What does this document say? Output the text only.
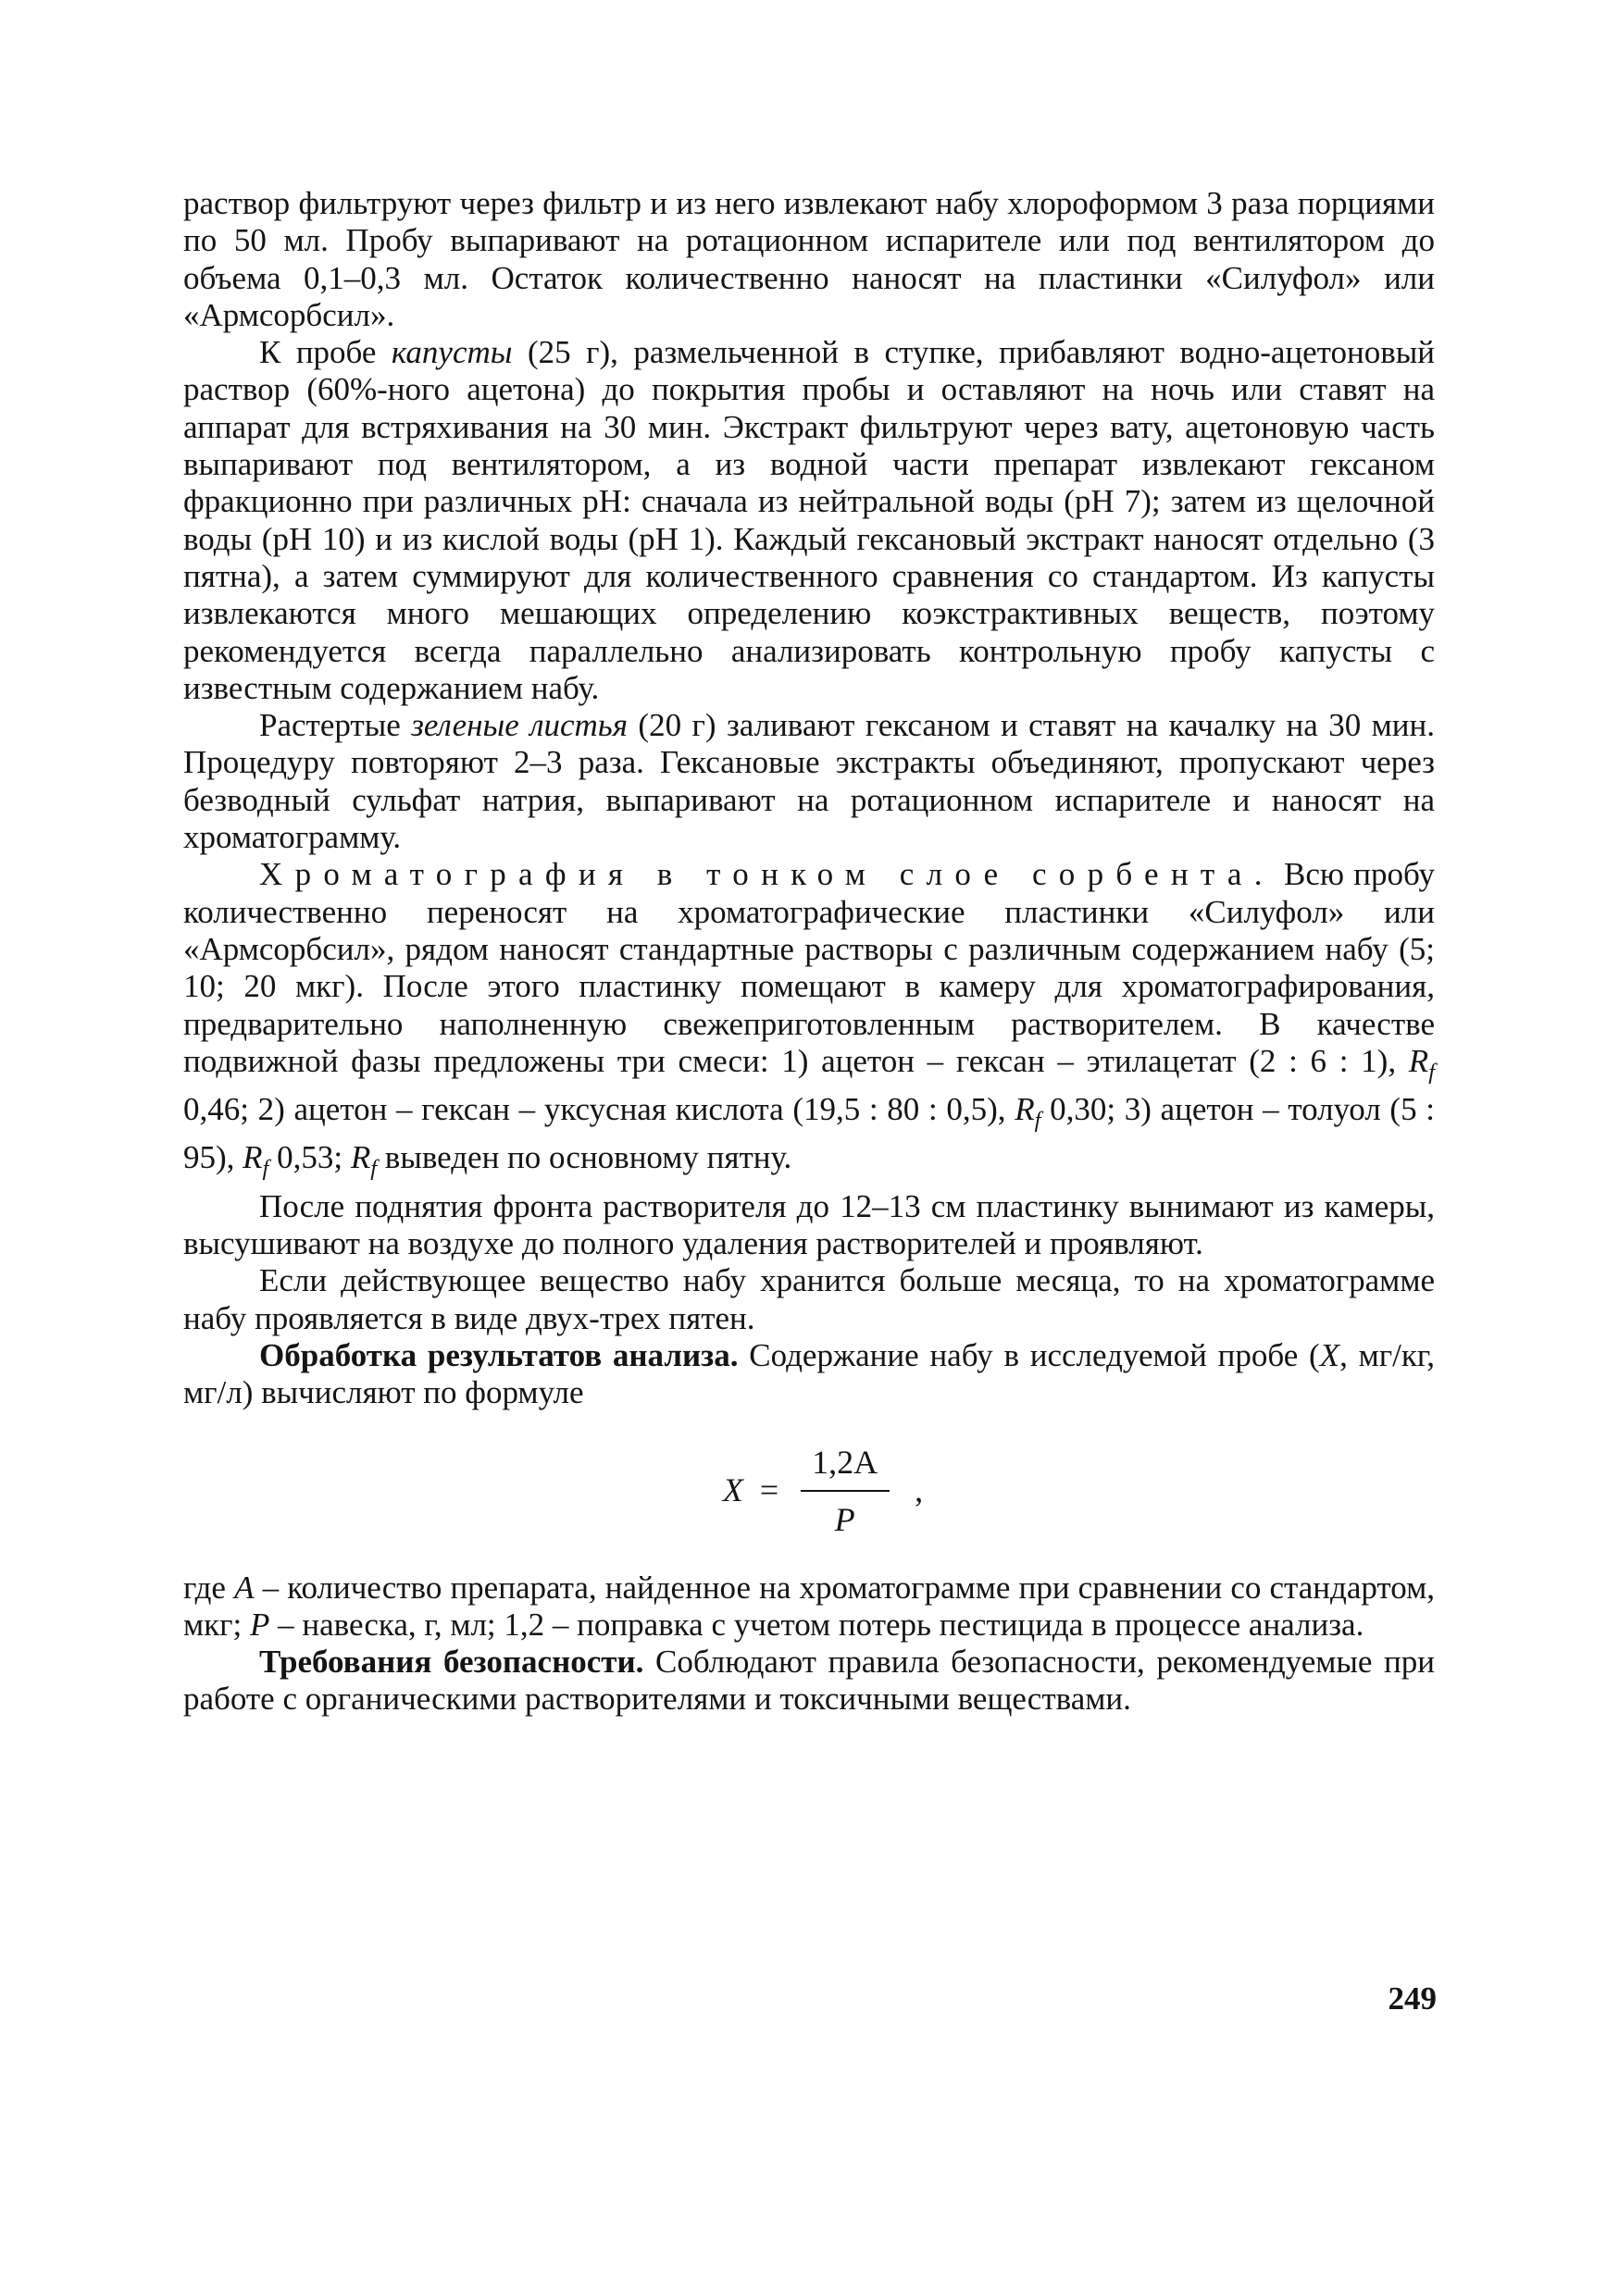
раствор фильтруют через фильтр и из него извлекают набу хлороформом 3 раза порциями по 50 мл. Пробу выпаривают на ротационном испарителе или под вентилятором до объема 0,1–0,3 мл. Остаток количественно наносят на пластинки «Силуфол» или «Армсорбсил».

К пробе капусты (25 г), размельченной в ступке, прибавляют водно-ацетоновый раствор (60%-ного ацетона) до покрытия пробы и оставляют на ночь или ставят на аппарат для встряхивания на 30 мин. Экстракт фильтруют через вату, ацетоновую часть выпаривают под вентилятором, а из водной части препарат извлекают гексаном фракционно при различных pH: сначала из нейтральной воды (pH 7); затем из щелочной воды (pH 10) и из кислой воды (pH 1). Каждый гексановый экстракт наносят отдельно (3 пятна), а затем суммируют для количественного сравнения со стандартом. Из капусты извлекаются много мешающих определению коэкстрактивных веществ, поэтому рекомендуется всегда параллельно анализировать контрольную пробу капусты с известным содержанием набу.

Растертые зеленые листья (20 г) заливают гексаном и ставят на качалку на 30 мин. Процедуру повторяют 2–3 раза. Гексановые экстракты объединяют, пропускают через безводный сульфат натрия, выпаривают на ротационном испарителе и наносят на хроматограмму.

Хроматография в тонком слое сорбента. Всю пробу количественно переносят на хроматографические пластинки «Силуфол» или «Армсорбсил», рядом наносят стандартные растворы с различным содержанием набу (5; 10; 20 мкг). После этого пластинку помещают в камеру для хроматографирования, предварительно наполненную свежеприготовленным растворителем. В качестве подвижной фазы предложены три смеси: 1) ацетон – гексан – этилацетат (2 : 6 : 1), $R_f$ 0,46; 2) ацетон – гексан – уксусная кислота (19,5 : 80 : 0,5), $R_f$ 0,30; 3) ацетон – толуол (5 : 95), $R_f$ 0,53; $R_f$ выведен по основному пятну.

После поднятия фронта растворителя до 12–13 см пластинку вынимают из камеры, высушивают на воздухе до полного удаления растворителей и проявляют.

Если действующее вещество набу хранится больше месяца, то на хроматограмме набу проявляется в виде двух-трех пятен.

Обработка результатов анализа. Содержание набу в исследуемой пробе (X, мг/кг, мг/л) вычисляют по формуле

$X = \frac{1,2A}{P}$ ,

где A – количество препарата, найденное на хроматограмме при сравнении со стандартом, мкг; P – навеска, г, мл; 1,2 – поправка с учетом потерь пестицида в процессе анализа.

Требования безопасности. Соблюдают правила безопасности, рекомендуемые при работе с органическими растворителями и токсичными веществами.

249
